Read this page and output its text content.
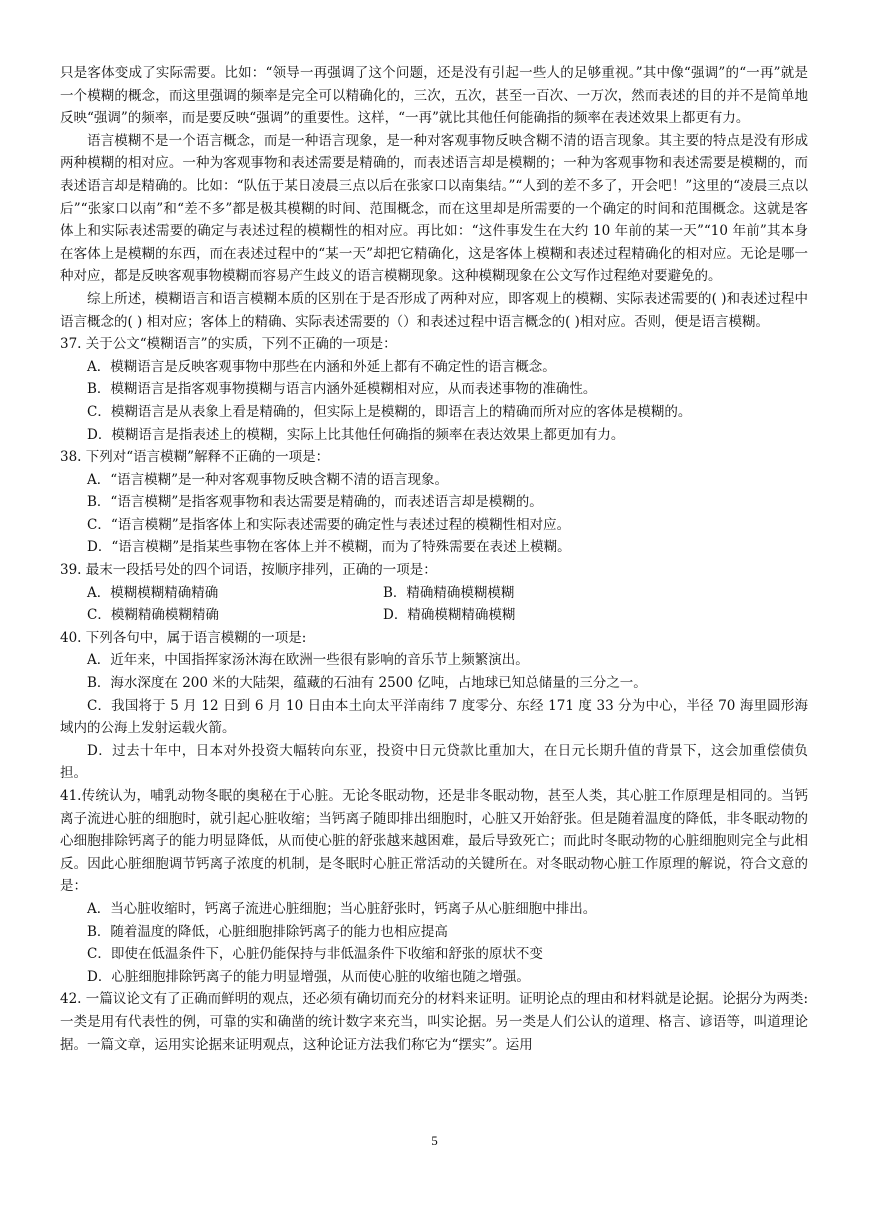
只是客体变成了实际需要。比如：“领导一再强调了这个问题，还是没有引起一些人的足够重视。”其中像“强调”的“一再”就是一个模糊的概念，而这里强调的频率是完全可以精确化的，三次，五次，甚至一百次、一万次，然而表述的目的并不是简单地反映“强调”的频率，而是要反映“强调”的重要性。这样，“一再”就比其他任何能确指的频率在表述效果上都更有力。

语言模糊不是一个语言概念，而是一种语言现象，是一种对客观事物反映含糊不清的语言现象。其主要的特点是没有形成两种模糊的相对应。一种为客观事物和表述需要是精确的，而表述语言却是模糊的；一种为客观事物和表述需要是模糊的，而表述语言却是精确的。比如：“队伍于某日凌晨三点以后在张家口以南集结。”“人到的差不多了，开会吧！”这里的“凌晨三点以后”“张家口以南”和“差不多”都是极其模糊的时间、范围概念，而在这里却是所需要的一个确定的时间和范围概念。这就是客体上和实际表述需要的确定与表述过程的模糊性的相对应。再比如：“这件事发生在大约 10 年前的某一天”“10 年前”其本身在客体上是模糊的东西，而在表述过程中的“某一天”却把它精确化，这是客体上模糊和表述过程精确化的相对应。无论是哪一种对应，都是反映客观事物模糊而容易产生歧义的语言模糊现象。这种模糊现象在公文写作过程绝对要避免的。

综上所述，模糊语言和语言模糊本质的区别在于是否形成了两种对应，即客观上的模糊、实际表述需要的( )和表述过程中语言概念的( ) 相对应；客体上的精确、实际表述需要的（）和表述过程中语言概念的( )相对应。否则，便是语言模糊。

37. 关于公文“模糊语言”的实质，下列不正确的一项是：

A．模糊语言是反映客观事物中那些在内涵和外延上都有不确定性的语言概念。

B．模糊语言是指客观事物摸糊与语言内涵外延模糊相对应，从而表述事物的准确性。

C．模糊语言是从表象上看是精确的，但实际上是模糊的，即语言上的精确而所对应的客体是模糊的。

D．模糊语言是指表述上的模糊，实际上比其他任何确指的频率在表达效果上都更加有力。

38. 下列对“语言模糊”解释不正确的一项是：

A．“语言模糊”是一种对客观事物反映含糊不清的语言现象。

B．“语言模糊”是指客观事物和表达需要是精确的，而表述语言却是模糊的。

C．“语言模糊”是指客体上和实际表述需要的确定性与表述过程的模糊性相对应。

D．“语言模糊”是指某些事物在客体上并不模糊，而为了特殊需要在表述上模糊。

39. 最末一段括号处的四个词语，按顺序排列，正确的一项是：

A．模糊模糊精确精确	B．精确精确模糊模糊
C．模糊精确模糊精确	D．精确模糊精确模糊

40. 下列各句中，属于语言模糊的一项是:

A．近年来，中国指挥家汤沐海在欧洲一些很有影响的音乐节上频繁演出。

B．海水深度在 200 米的大陆架，蕴藏的石油有 2500 亿吨，占地球已知总储量的三分之一。

C．我国将于 5 月 12 日到 6 月 10 日由本土向太平洋南纬 7 度零分、东经 171 度 33 分为中心，半径 70 海里圆形海域内的公海上发射运载火箭。

D．过去十年中，日本对外投资大幅转向东亚，投资中日元贷款比重加大，在日元长期升值的背景下，这会加重偿债负担。

41.传统认为，哺乳动物冬眠的奥秘在于心脏。无论冬眠动物，还是非冬眠动物，甚至人类，其心脏工作原理是相同的。当钙离子流进心脏的细胞时，就引起心脏收缩；当钙离子随即排出细胞时，心脏又开始舒张。但是随着温度的降低，非冬眠动物的心细胞排除钙离子的能力明显降低，从而使心脏的舒张越来越困难，最后导致死亡；而此时冬眠动物的心脏细胞则完全与此相反。因此心脏细胞调节钙离子浓度的机制，是冬眠时心脏正常活动的关键所在。对冬眠动物心脏工作原理的解说，符合文意的是：

A．当心脏收缩时，钙离子流进心脏细胞；当心脏舒张时，钙离子从心脏细胞中排出。

B．随着温度的降低，心脏细胞排除钙离子的能力也相应提高

C．即使在低温条件下，心脏仍能保持与非低温条件下收缩和舒张的原状不变

D．心脏细胞排除钙离子的能力明显增强，从而使心脏的收缩也随之增强。

42. 一篇议论文有了正确而鲜明的观点，还必须有确切而充分的材料来证明。证明论点的理由和材料就是论据。论据分为两类:一类是用有代表性的例，可靠的实和确凿的统计数字来充当，叫实论据。另一类是人们公认的道理、格言、谚语等，叫道理论据。一篇文章，运用实论据来证明观点，这种论证方法我们称它为“摆实”。运用

5
